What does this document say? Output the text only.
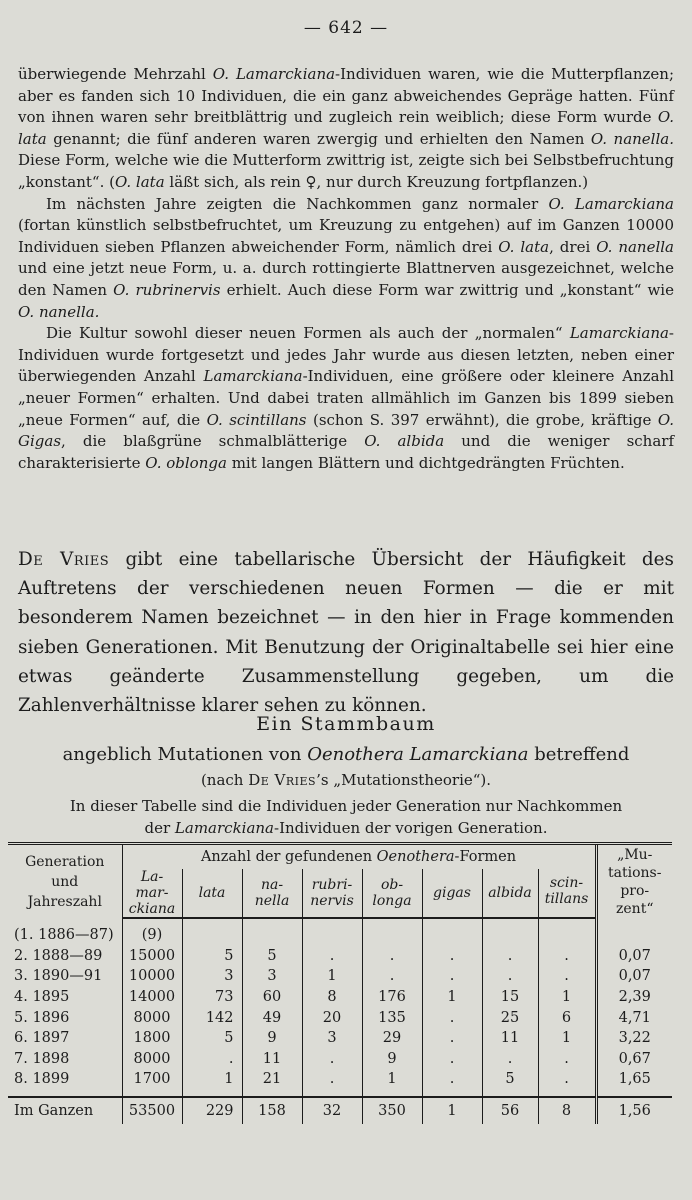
— 642 —

überwiegende Mehrzahl O. Lamarckiana-Individuen waren, wie die Mutterpflanzen; aber es fanden sich 10 Individuen, die ein ganz abweichendes Gepräge hatten. Fünf von ihnen waren sehr breitblättrig und zugleich rein weiblich; diese Form wurde O. lata genannt; die fünf anderen waren zwergig und erhielten den Namen O. nanella. Diese Form, welche wie die Mutterform zwittrig ist, zeigte sich bei Selbstbefruchtung „konstant“. (O. lata läßt sich, als rein ♀, nur durch Kreuzung fortpflanzen.)

Im nächsten Jahre zeigten die Nachkommen ganz normaler O. Lamarckiana (fortan künstlich selbstbefruchtet, um Kreuzung zu entgehen) auf im Ganzen 10000 Individuen sieben Pflanzen abweichender Form, nämlich drei O. lata, drei O. nanella und eine jetzt neue Form, u. a. durch rottingierte Blattnerven ausgezeichnet, welche den Namen O. rubrinervis erhielt. Auch diese Form war zwittrig und „konstant“ wie O. nanella.

Die Kultur sowohl dieser neuen Formen als auch der „normalen“ Lamarckiana-Individuen wurde fortgesetzt und jedes Jahr wurde aus diesen letzten, neben einer überwiegenden Anzahl Lamarckiana-Individuen, eine größere oder kleinere Anzahl „neuer Formen“ erhalten. Und dabei traten allmählich im Ganzen bis 1899 sieben „neue Formen“ auf, die O. scintillans (schon S. 397 erwähnt), die grobe, kräftige O. Gigas, die blaßgrüne schmalblätterige O. albida und die weniger scharf charakterisierte O. oblonga mit langen Blättern und dichtgedrängten Früchten.

De Vries gibt eine tabellarische Übersicht der Häufigkeit des Auftretens der verschiedenen neuen Formen — die er mit besonderem Namen bezeichnet — in den hier in Frage kommenden sieben Generationen. Mit Benutzung der Originaltabelle sei hier eine etwas geänderte Zusammenstellung gegeben, um die Zahlenverhältnisse klarer sehen zu können.

Ein Stammbaum
angeblich Mutationen von Oenothera Lamarckiana betreffend
(nach De Vries’s „Mutationstheorie“).
In dieser Tabelle sind die Individuen jeder Generation nur Nachkommen
der Lamarckiana-Individuen der vorigen Generation.
Generation
und
Jahreszahl	Anzahl der gefundenen Oenothera-Formen								„Mu-
tations-
pro-
zent“
	La-
mar-
ckiana	lata	na-
nella	rubri-
nervis	ob-
longa	gigas	albida	scin-
tillans	
(1. 1886—87)	(9)								
2. 1888—89	15000	5	5	.	.	.	.	.	0,07
3. 1890—91	10000	3	3	1	.	.	.	.	0,07
4. 1895	14000	73	60	8	176	1	15	1	2,39
5. 1896	8000	142	49	20	135	.	25	6	4,71
6. 1897	1800	5	9	3	29	.	11	1	3,22
7. 1898	8000	.	11	.	9	.	.	.	0,67
8. 1899	1700	1	21	.	1	.	5	.	1,65
Im Ganzen	53500	229	158	32	350	1	56	8	1,56
